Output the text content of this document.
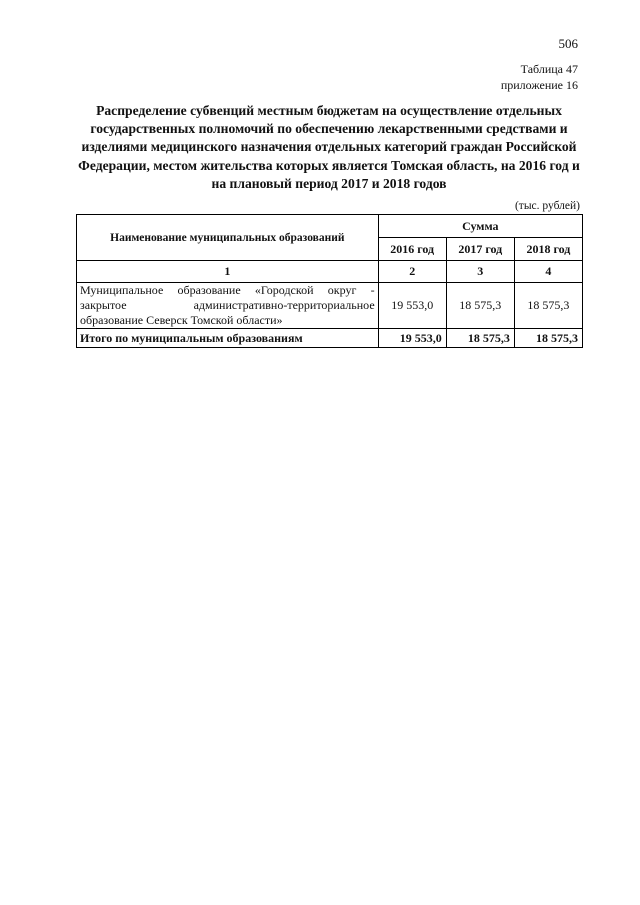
506
Таблица 47
приложение 16
Распределение субвенций местным бюджетам на осуществление отдельных государственных полномочий по обеспечению лекарственными средствами и изделиями медицинского назначения отдельных категорий граждан Российской Федерации, местом жительства которых является Томская область, на 2016 год и на плановый период 2017 и 2018 годов
(тыс. рублей)
Наименование муниципальных образований	Сумма		
	2016 год	2017 год	2018 год
1	2	3	4
Муниципальное образование «Городской округ - закрытое административно-территориальное образование Северск Томской области»	19 553,0	18 575,3	18 575,3
Итого по муниципальным образованиям	19 553,0	18 575,3	18 575,3
